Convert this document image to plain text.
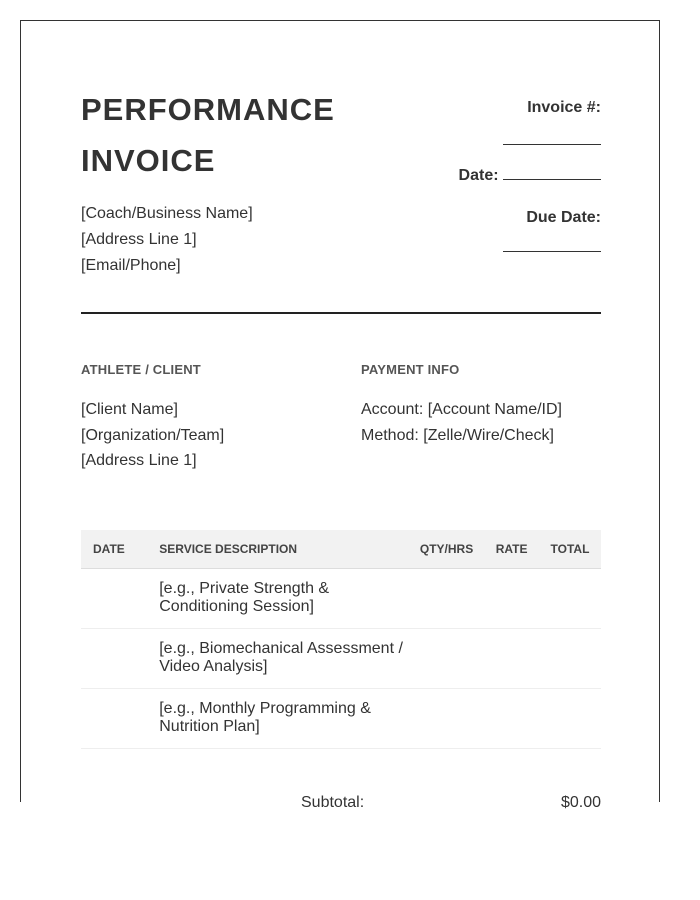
PERFORMANCE
INVOICE
[Coach/Business Name]
[Address Line 1]
[Email/Phone]
Invoice #:
Date:
Due Date:
ATHLETE / CLIENT
[Client Name]
[Organization/Team]
[Address Line 1]
PAYMENT INFO
Account: [Account Name/ID]
Method: [Zelle/Wire/Check]
DATE	SERVICE DESCRIPTION	QTY/HRS	RATE	TOTAL
	[e.g., Private Strength & Conditioning Session]			
	[e.g., Biomechanical Assessment / Video Analysis]			
	[e.g., Monthly Programming & Nutrition Plan]			
Subtotal:	$0.00
